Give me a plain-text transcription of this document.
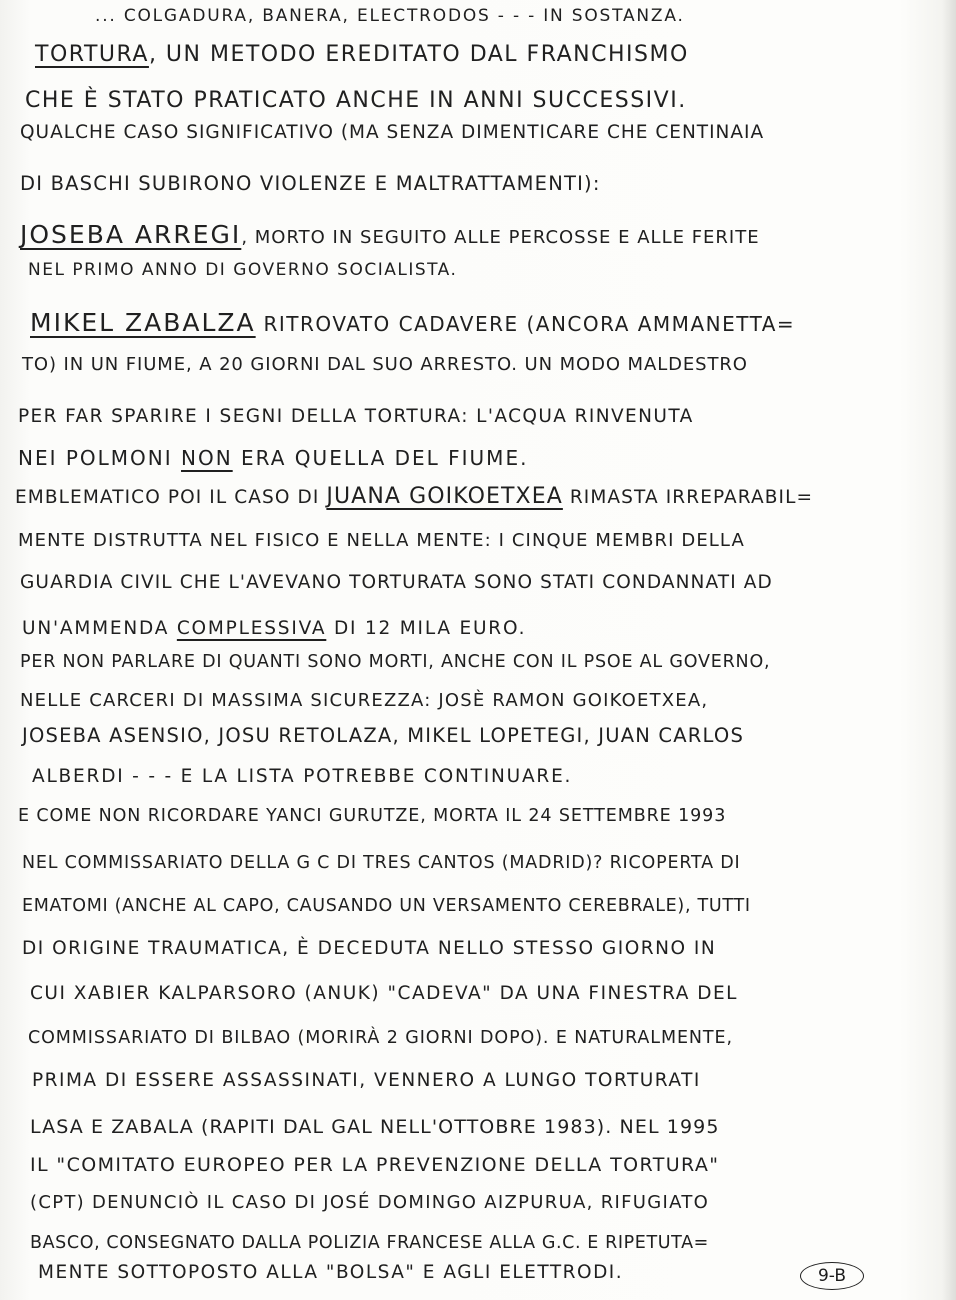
... COLGADURA, BANERA, ELECTRODOS - - - IN SOSTANZA.
TORTURA, UN METODO EREDITATO DAL FRANCHISMO
CHE È STATO PRATICATO ANCHE IN ANNI SUCCESSIVI.
QUALCHE CASO SIGNIFICATIVO (MA SENZA DIMENTICARE CHE CENTINAIA
DI BASCHI SUBIRONO VIOLENZE E MALTRATTAMENTI):
JOSEBA ARREGI, MORTO IN SEGUITO ALLE PERCOSSE E ALLE FERITE
NEL PRIMO ANNO DI GOVERNO SOCIALISTA.
MIKEL ZABALZA RITROVATO CADAVERE (ANCORA AMMANETTA=
TO) IN UN FIUME, A 20 GIORNI DAL SUO ARRESTO. UN MODO MALDESTRO
PER FAR SPARIRE I SEGNI DELLA TORTURA: L'ACQUA RINVENUTA
NEI POLMONI NON ERA QUELLA DEL FIUME.
EMBLEMATICO POI IL CASO DI JUANA GOIKOETXEA RIMASTA IRREPARABIL=
MENTE DISTRUTTA NEL FISICO E NELLA MENTE: I CINQUE MEMBRI DELLA
GUARDIA CIVIL CHE L'AVEVANO TORTURATA SONO STATI CONDANNATI AD
UN'AMMENDA COMPLESSIVA DI 12 MILA EURO.
PER NON PARLARE DI QUANTI SONO MORTI, ANCHE CON IL PSOE AL GOVERNO,
NELLE CARCERI DI MASSIMA SICUREZZA: JOSÈ RAMON GOIKOETXEA,
JOSEBA ASENSIO, JOSU RETOLAZA, MIKEL LOPETEGI, JUAN CARLOS
ALBERDI - - - E LA LISTA POTREBBE CONTINUARE.
E COME NON RICORDARE YANCI GURUTZE, MORTA IL 24 SETTEMBRE 1993
NEL COMMISSARIATO DELLA G C DI TRES CANTOS (MADRID)? RICOPERTA DI
EMATOMI (ANCHE AL CAPO, CAUSANDO UN VERSAMENTO CEREBRALE), TUTTI
DI ORIGINE TRAUMATICA, È DECEDUTA NELLO STESSO GIORNO IN
CUI XABIER KALPARSORO (ANUK) "CADEVA" DA UNA FINESTRA DEL
COMMISSARIATO DI BILBAO (MORIRÀ 2 GIORNI DOPO). E NATURALMENTE,
PRIMA DI ESSERE ASSASSINATI, VENNERO A LUNGO TORTURATI
LASA E ZABALA (RAPITI DAL GAL NELL'OTTOBRE 1983). NEL 1995
IL "COMITATO EUROPEO PER LA PREVENZIONE DELLA TORTURA"
(CPT) DENUNCIÒ IL CASO DI JOSÉ DOMINGO AIZPURUA, RIFUGIATO
BASCO, CONSEGNATO DALLA POLIZIA FRANCESE ALLA G.C. E RIPETUTA=
MENTE SOTTOPOSTO ALLA "BOLSA" E AGLI ELETTRODI.	9-B
